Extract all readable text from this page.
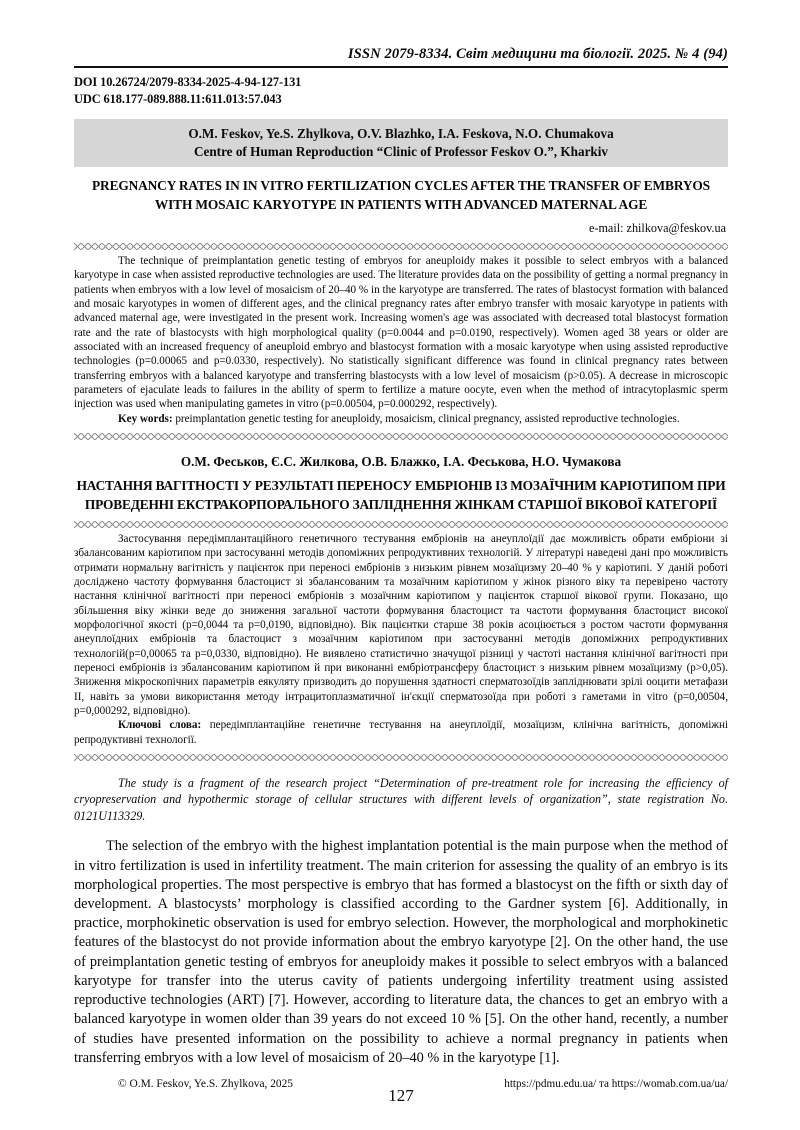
ISSN 2079-8334. Світ медицини та біології. 2025. № 4 (94)
DOI 10.26724/2079-8334-2025-4-94-127-131
UDC 618.177-089.888.11:611.013:57.043
O.M. Feskov, Ye.S. Zhylkova, O.V. Blazhko, I.A. Feskova, N.O. Chumakova
Centre of Human Reproduction “Clinic of Professor Feskov O.”, Kharkiv
PREGNANCY RATES IN IN VITRO FERTILIZATION CYCLES AFTER THE TRANSFER OF EMBRYOS WITH MOSAIC KARYOTYPE IN PATIENTS WITH ADVANCED MATERNAL AGE
e-mail: zhilkova@feskov.ua

The technique of preimplantation genetic testing of embryos for aneuploidy makes it possible to select embryos with a balanced karyotype in case when assisted reproductive technologies are used. The literature provides data on the possibility of getting a normal pregnancy in patients when embryos with a low level of mosaicism of 20–40 % in the karyotype are transferred. The rates of blastocyst formation with balanced and mosaic karyotypes in women of different ages, and the clinical pregnancy rates after embryo transfer with mosaic karyotype in patients with advanced maternal age, were investigated in the present work. Increasing women's age was associated with decreased total blastocyst formation rate and the rate of blastocysts with high morphological quality (p=0.0044 and p=0.0190, respectively). Women aged 38 years or older are associated with an increased frequency of aneuploid embryo and blastocyst formation with a mosaic karyotype when using assisted reproductive technologies (p=0.00065 and p=0.0330, respectively). No statistically significant difference was found in clinical pregnancy rates between transferring embryos with a balanced karyotype and transferring blastocysts with a low level of mosaicism (p>0.05). A decrease in microscopic parameters of ejaculate leads to failures in the ability of sperm to fertilize a mature oocyte, even when the method of intracytoplasmic sperm injection was used when manipulating gametes in vitro (p=0.00504, p=0.000292, respectively).

Key words: preimplantation genetic testing for aneuploidy, mosaicism, clinical pregnancy, assisted reproductive technologies.

О.М. Феськов, Є.С. Жилкова, О.В. Блажко, І.А. Феськова, Н.О. Чумакова
НАСТАННЯ ВАГІТНОСТІ У РЕЗУЛЬТАТІ ПЕРЕНОСУ ЕМБРІОНІВ ІЗ МОЗАЇЧНИМ КАРІОТИПОМ ПРИ ПРОВЕДЕННІ ЕКСТРАКОРПОРАЛЬНОГО ЗАПЛІДНЕННЯ ЖІНКАМ СТАРШОЇ ВІКОВОЇ КАТЕГОРІЇ

Застосування передімплантаційного генетичного тестування ембріонів на анеуплоїдії дає можливість обрати ембріони зі збалансованим каріотипом при застосуванні методів допоміжних репродуктивних технологій. У літературі наведені дані про можливість отримати нормальну вагітність у пацієнток при переносі ембріонів з низьким рівнем мозаїцизму 20–40 % у каріотипі. У даній роботі досліджено частоту формування бластоцист зі збалансованим та мозаїчним каріотипом у жінок різного віку та перевірено частоту настання клінічної вагітності при переносі ембріонів з мозаїчним каріотипом у пацієнток старшої вікової групи. Показано, що збільшення віку жінки веде до зниження загальної частоти формування бластоцист та частоти формування бластоцист високої морфологічної якості (p=0,0044 та p=0,0190, відповідно). Вік пацієнтки старше 38 років асоціюється з ростом частоти формування анеуплоїдних ембріонів та бластоцист з мозаїчним каріотипом при застосуванні методів допоміжних репродуктивних технологій(p=0,00065 та p=0,0330, відповідно). Не виявлено статистично значущої різниці у частоті настання клінічної вагітності при переносі ембріонів із збалансованим каріотипом й при виконанні ембріотрансферу бластоцист з низьким рівнем мозаїцизму (p>0,05). Зниження мікроскопічних параметрів еякуляту призводить до порушення здатності сперматозоїдів запліднювати зрілі ооцити метафази ІІ, навіть за умови використання методу інтрацитоплазматичної ін'єкції сперматозоїда при роботі з гаметами in vitro (p=0,00504, p=0,000292, відповідно).

Ключові слова: передімплантаційне генетичне тестування на анеуплоїдії, мозаїцизм, клінічна вагітність, допоміжні репродуктивні технології.

The study is a fragment of the research project “Determination of pre-treatment role for increasing the efficiency of cryopreservation and hypothermic storage of cellular structures with different levels of organization”, state registration No. 0121U113329.

The selection of the embryo with the highest implantation potential is the main purpose when the method of in vitro fertilization is used in infertility treatment. The main criterion for assessing the quality of an embryo is its morphological properties. The most perspective is embryo that has formed a blastocyst on the fifth or sixth day of development. A blastocysts’ morphology is classified according to the Gardner system [6]. Additionally, in practice, morphokinetic observation is used for embryo selection. However, the morphological and morphokinetic features of the blastocyst do not provide information about the embryo karyotype [2]. On the other hand, the use of preimplantation genetic testing of embryos for aneuploidy makes it possible to select embryos with a balanced karyotype for transfer into the uterus cavity of patients undergoing infertility treatment using assisted reproductive technologies (ART) [7]. However, according to literature data, the chances to get an embryo with a balanced karyotype in women older than 39 years do not exceed 10 % [5]. On the other hand, recently, a number of studies have presented information on the possibility to achieve a normal pregnancy in patients when transferring embryos with a low level of mosaicism of 20–40 % in the karyotype [1].

© O.M. Feskov, Ye.S. Zhylkova, 2025
127
https://pdmu.edu.ua/ та https://womab.com.ua/ua/
